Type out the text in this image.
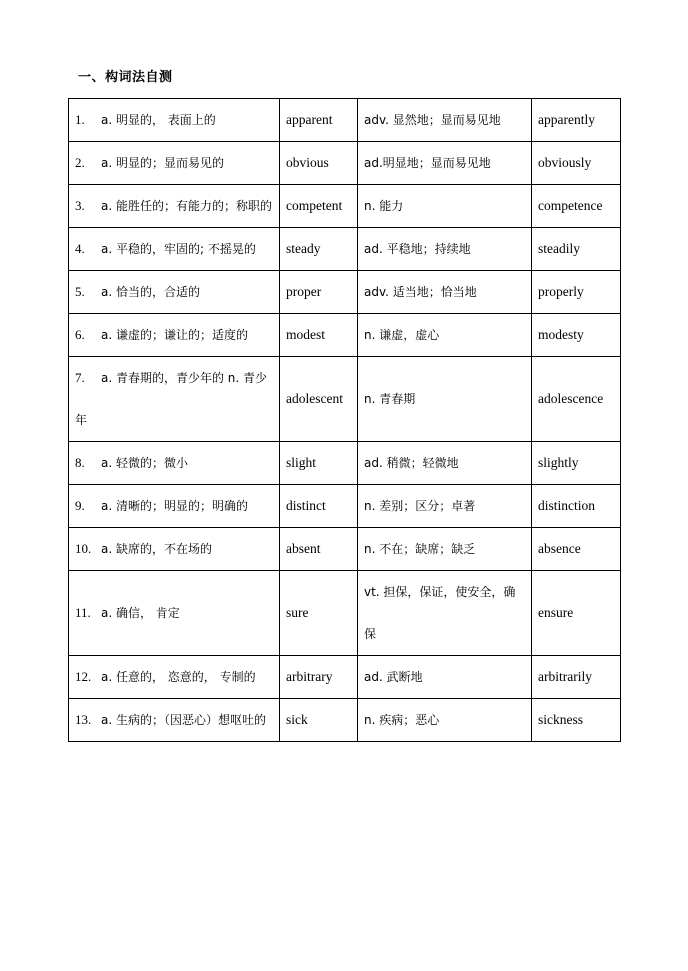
一、构词法自测
1. a. 明显的， 表面上的	apparent	adv. 显然地；显而易见地	apparently
2. a. 明显的；显而易见的	obvious	ad.明显地；显而易见地	obviously
3. a. 能胜任的；有能力的；称职的	competent	n. 能力	competence
4. a. 平稳的，牢固的; 不摇晃的	steady	ad. 平稳地；持续地	steadily
5. a. 恰当的，合适的	proper	adv. 适当地；恰当地	properly
6. a. 谦虚的；谦让的；适度的	modest	n. 谦虚，虚心	modesty
7. a. 青春期的，青少年的 n. 青少年	adolescent	n. 青春期	adolescence
8. a. 轻微的；微小	slight	ad. 稍微；轻微地	slightly
9. a. 清晰的；明显的；明确的	distinct	n. 差别；区分；卓著	distinction
10. a. 缺席的，不在场的	absent	n. 不在；缺席；缺乏	absence
11. a. 确信， 肯定	sure	vt. 担保，保证，使安全，确保	ensure
12. a. 任意的， 恣意的， 专制的	arbitrary	ad. 武断地	arbitrarily
13. a. 生病的；（因恶心）想呕吐的	sick	n. 疾病；恶心	sickness
